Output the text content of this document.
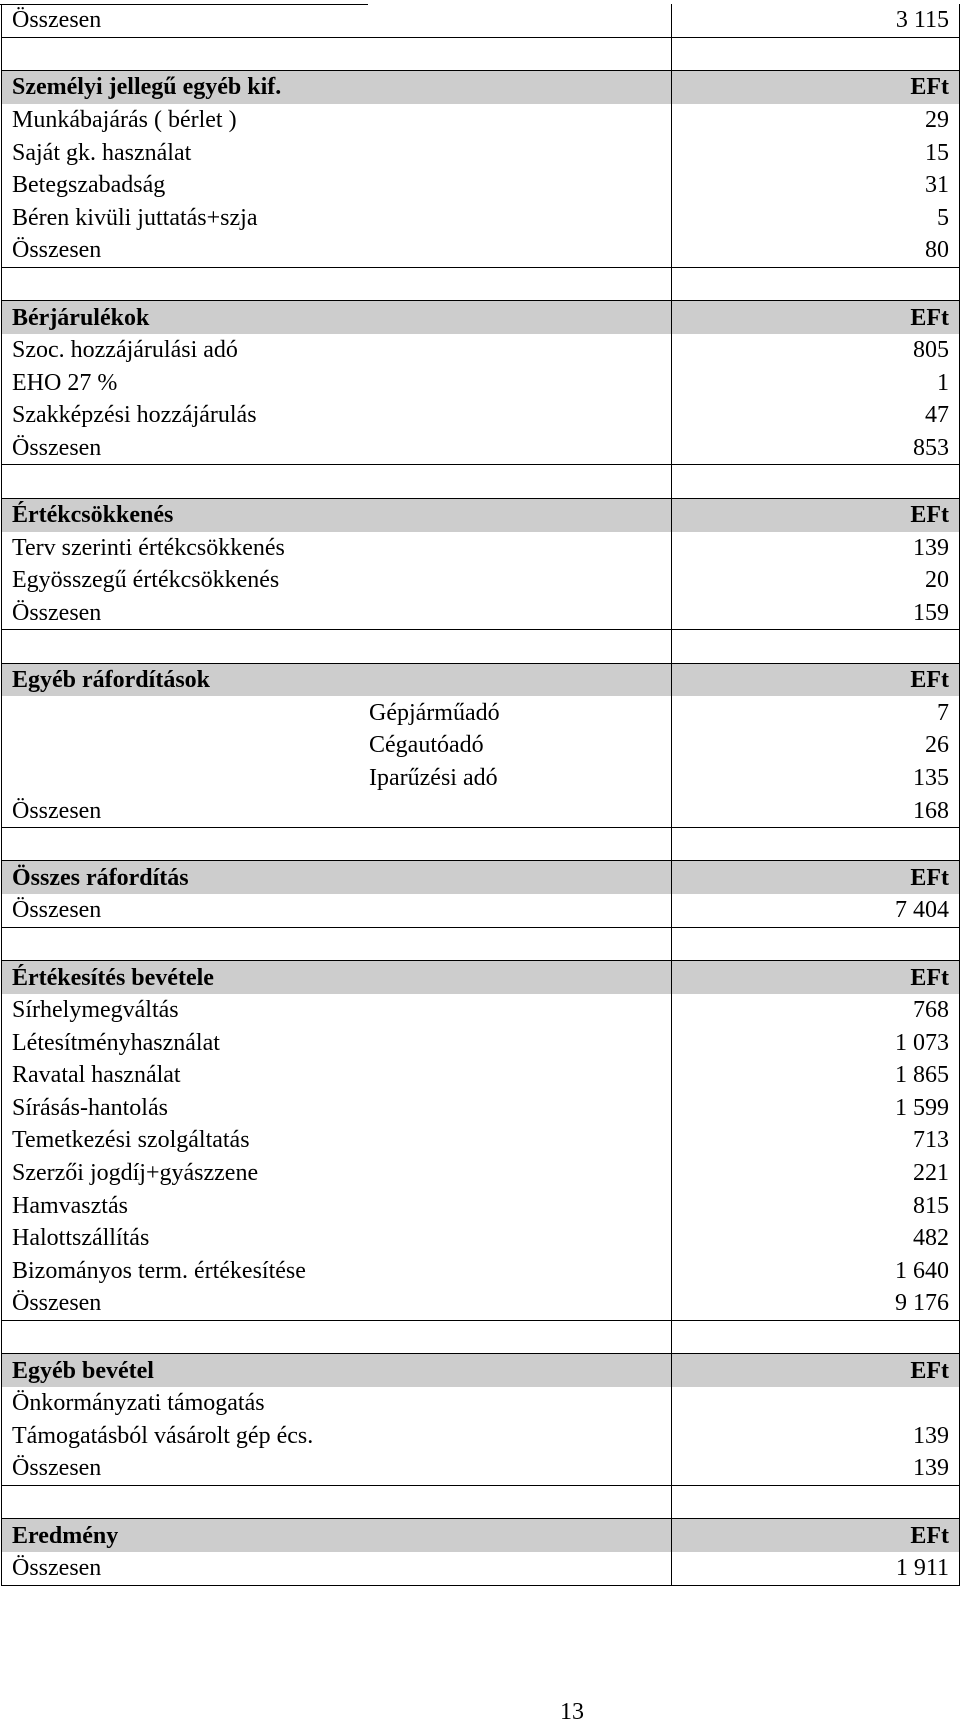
Összesen	3 115

Személyi jellegű egyéb kif.	EFt
Munkábajárás ( bérlet )	29
Saját gk. használat	15
Betegszabadság	31
Béren kivüli juttatás+szja	5
Összesen	80

Bérjárulékok	EFt
Szoc. hozzájárulási adó	805
EHO 27 %	1
Szakképzési hozzájárulás	47
Összesen	853

Értékcsökkenés	EFt
Terv szerinti értékcsökkenés	139
Egyösszegű értékcsökkenés	20
Összesen	159

Egyéb ráfordítások	EFt
Gépjárműadó	7
Cégautóadó	26
Iparűzési adó	135
Összesen	168

Összes ráfordítás	EFt
Összesen	7 404

Értékesítés bevétele	EFt
Sírhelymegváltás	768
Létesítményhasználat	1 073
Ravatal használat	1 865
Sírásás-hantolás	1 599
Temetkezési szolgáltatás	713
Szerzői jogdíj+gyászzene	221
Hamvasztás	815
Halottszállítás	482
Bizományos term. értékesítése	1 640
Összesen	9 176

Egyéb bevétel	EFt
Önkormányzati támogatás	
Támogatásból vásárolt gép écs.	139
Összesen	139

Eredmény	EFt
Összesen	1 911
13
